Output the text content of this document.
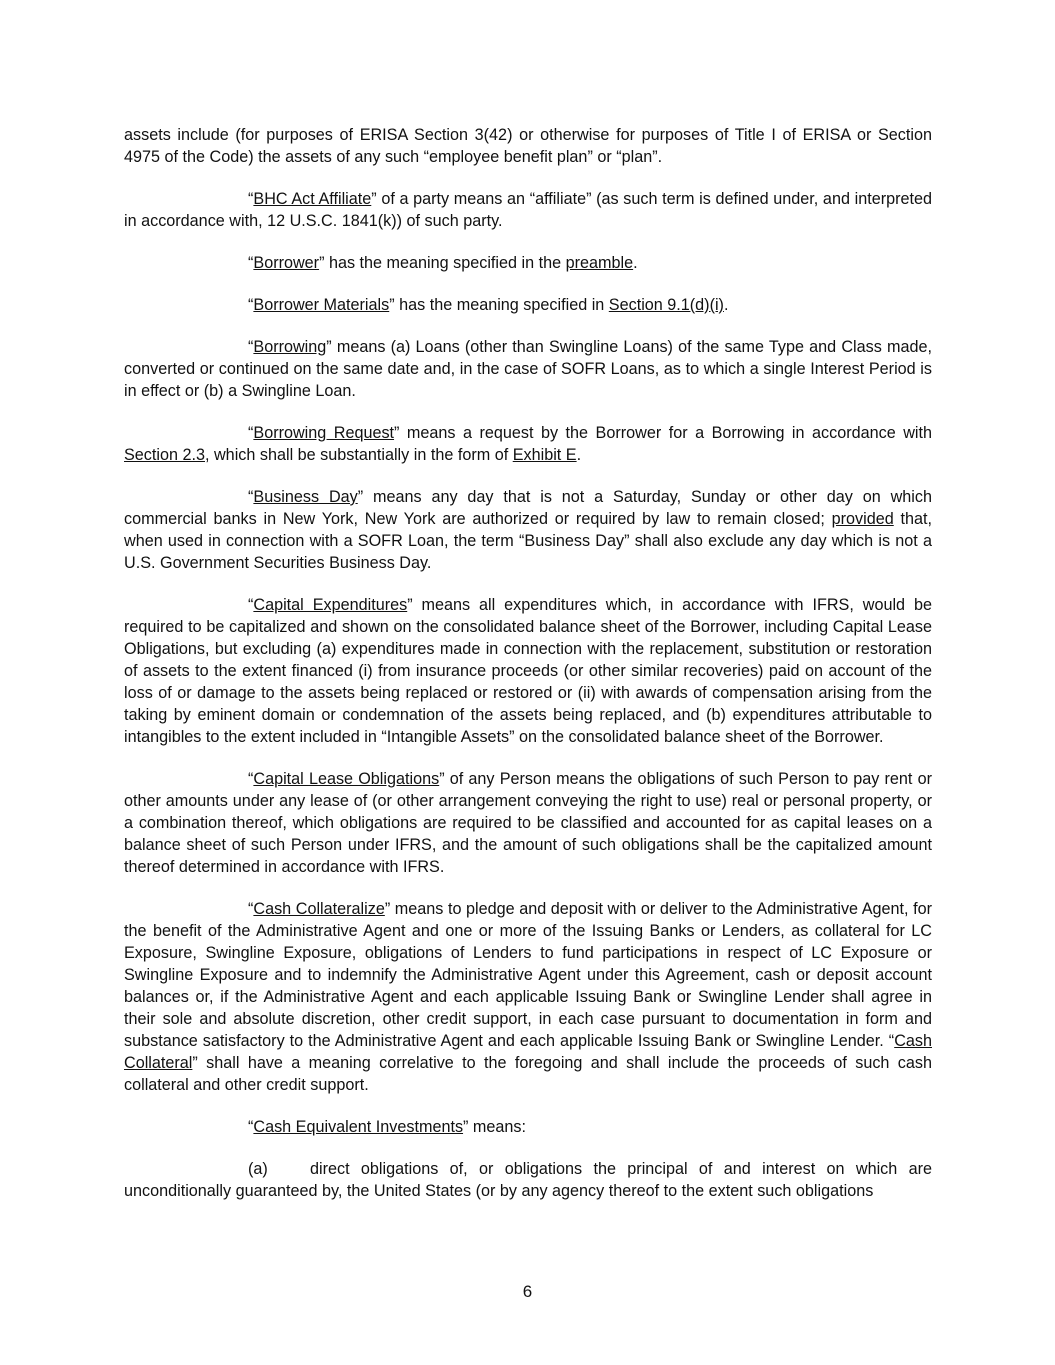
assets include (for purposes of ERISA Section 3(42) or otherwise for purposes of Title I of ERISA or Section 4975 of the Code) the assets of any such “employee benefit plan” or “plan”.

“BHC Act Affiliate” of a party means an “affiliate” (as such term is defined under, and interpreted in accordance with, 12 U.S.C. 1841(k)) of such party.

“Borrower” has the meaning specified in the preamble.

“Borrower Materials” has the meaning specified in Section 9.1(d)(i).

“Borrowing” means (a) Loans (other than Swingline Loans) of the same Type and Class made, converted or continued on the same date and, in the case of SOFR Loans, as to which a single Interest Period is in effect or (b) a Swingline Loan.

“Borrowing Request” means a request by the Borrower for a Borrowing in accordance with Section 2.3, which shall be substantially in the form of Exhibit E.

“Business Day” means any day that is not a Saturday, Sunday or other day on which commercial banks in New York, New York are authorized or required by law to remain closed; provided that, when used in connection with a SOFR Loan, the term “Business Day” shall also exclude any day which is not a U.S. Government Securities Business Day.

“Capital Expenditures” means all expenditures which, in accordance with IFRS, would be required to be capitalized and shown on the consolidated balance sheet of the Borrower, including Capital Lease Obligations, but excluding (a) expenditures made in connection with the replacement, substitution or restoration of assets to the extent financed (i) from insurance proceeds (or other similar recoveries) paid on account of the loss of or damage to the assets being replaced or restored or (ii) with awards of compensation arising from the taking by eminent domain or condemnation of the assets being replaced, and (b) expenditures attributable to intangibles to the extent included in “Intangible Assets” on the consolidated balance sheet of the Borrower.

“Capital Lease Obligations” of any Person means the obligations of such Person to pay rent or other amounts under any lease of (or other arrangement conveying the right to use) real or personal property, or a combination thereof, which obligations are required to be classified and accounted for as capital leases on a balance sheet of such Person under IFRS, and the amount of such obligations shall be the capitalized amount thereof determined in accordance with IFRS.

“Cash Collateralize” means to pledge and deposit with or deliver to the Administrative Agent, for the benefit of the Administrative Agent and one or more of the Issuing Banks or Lenders, as collateral for LC Exposure, Swingline Exposure, obligations of Lenders to fund participations in respect of LC Exposure or Swingline Exposure and to indemnify the Administrative Agent under this Agreement, cash or deposit account balances or, if the Administrative Agent and each applicable Issuing Bank or Swingline Lender shall agree in their sole and absolute discretion, other credit support, in each case pursuant to documentation in form and substance satisfactory to the Administrative Agent and each applicable Issuing Bank or Swingline Lender. “Cash Collateral” shall have a meaning correlative to the foregoing and shall include the proceeds of such cash collateral and other credit support.

“Cash Equivalent Investments” means:

(a)	direct obligations of, or obligations the principal of and interest on which are unconditionally guaranteed by, the United States (or by any agency thereof to the extent such obligations

6
